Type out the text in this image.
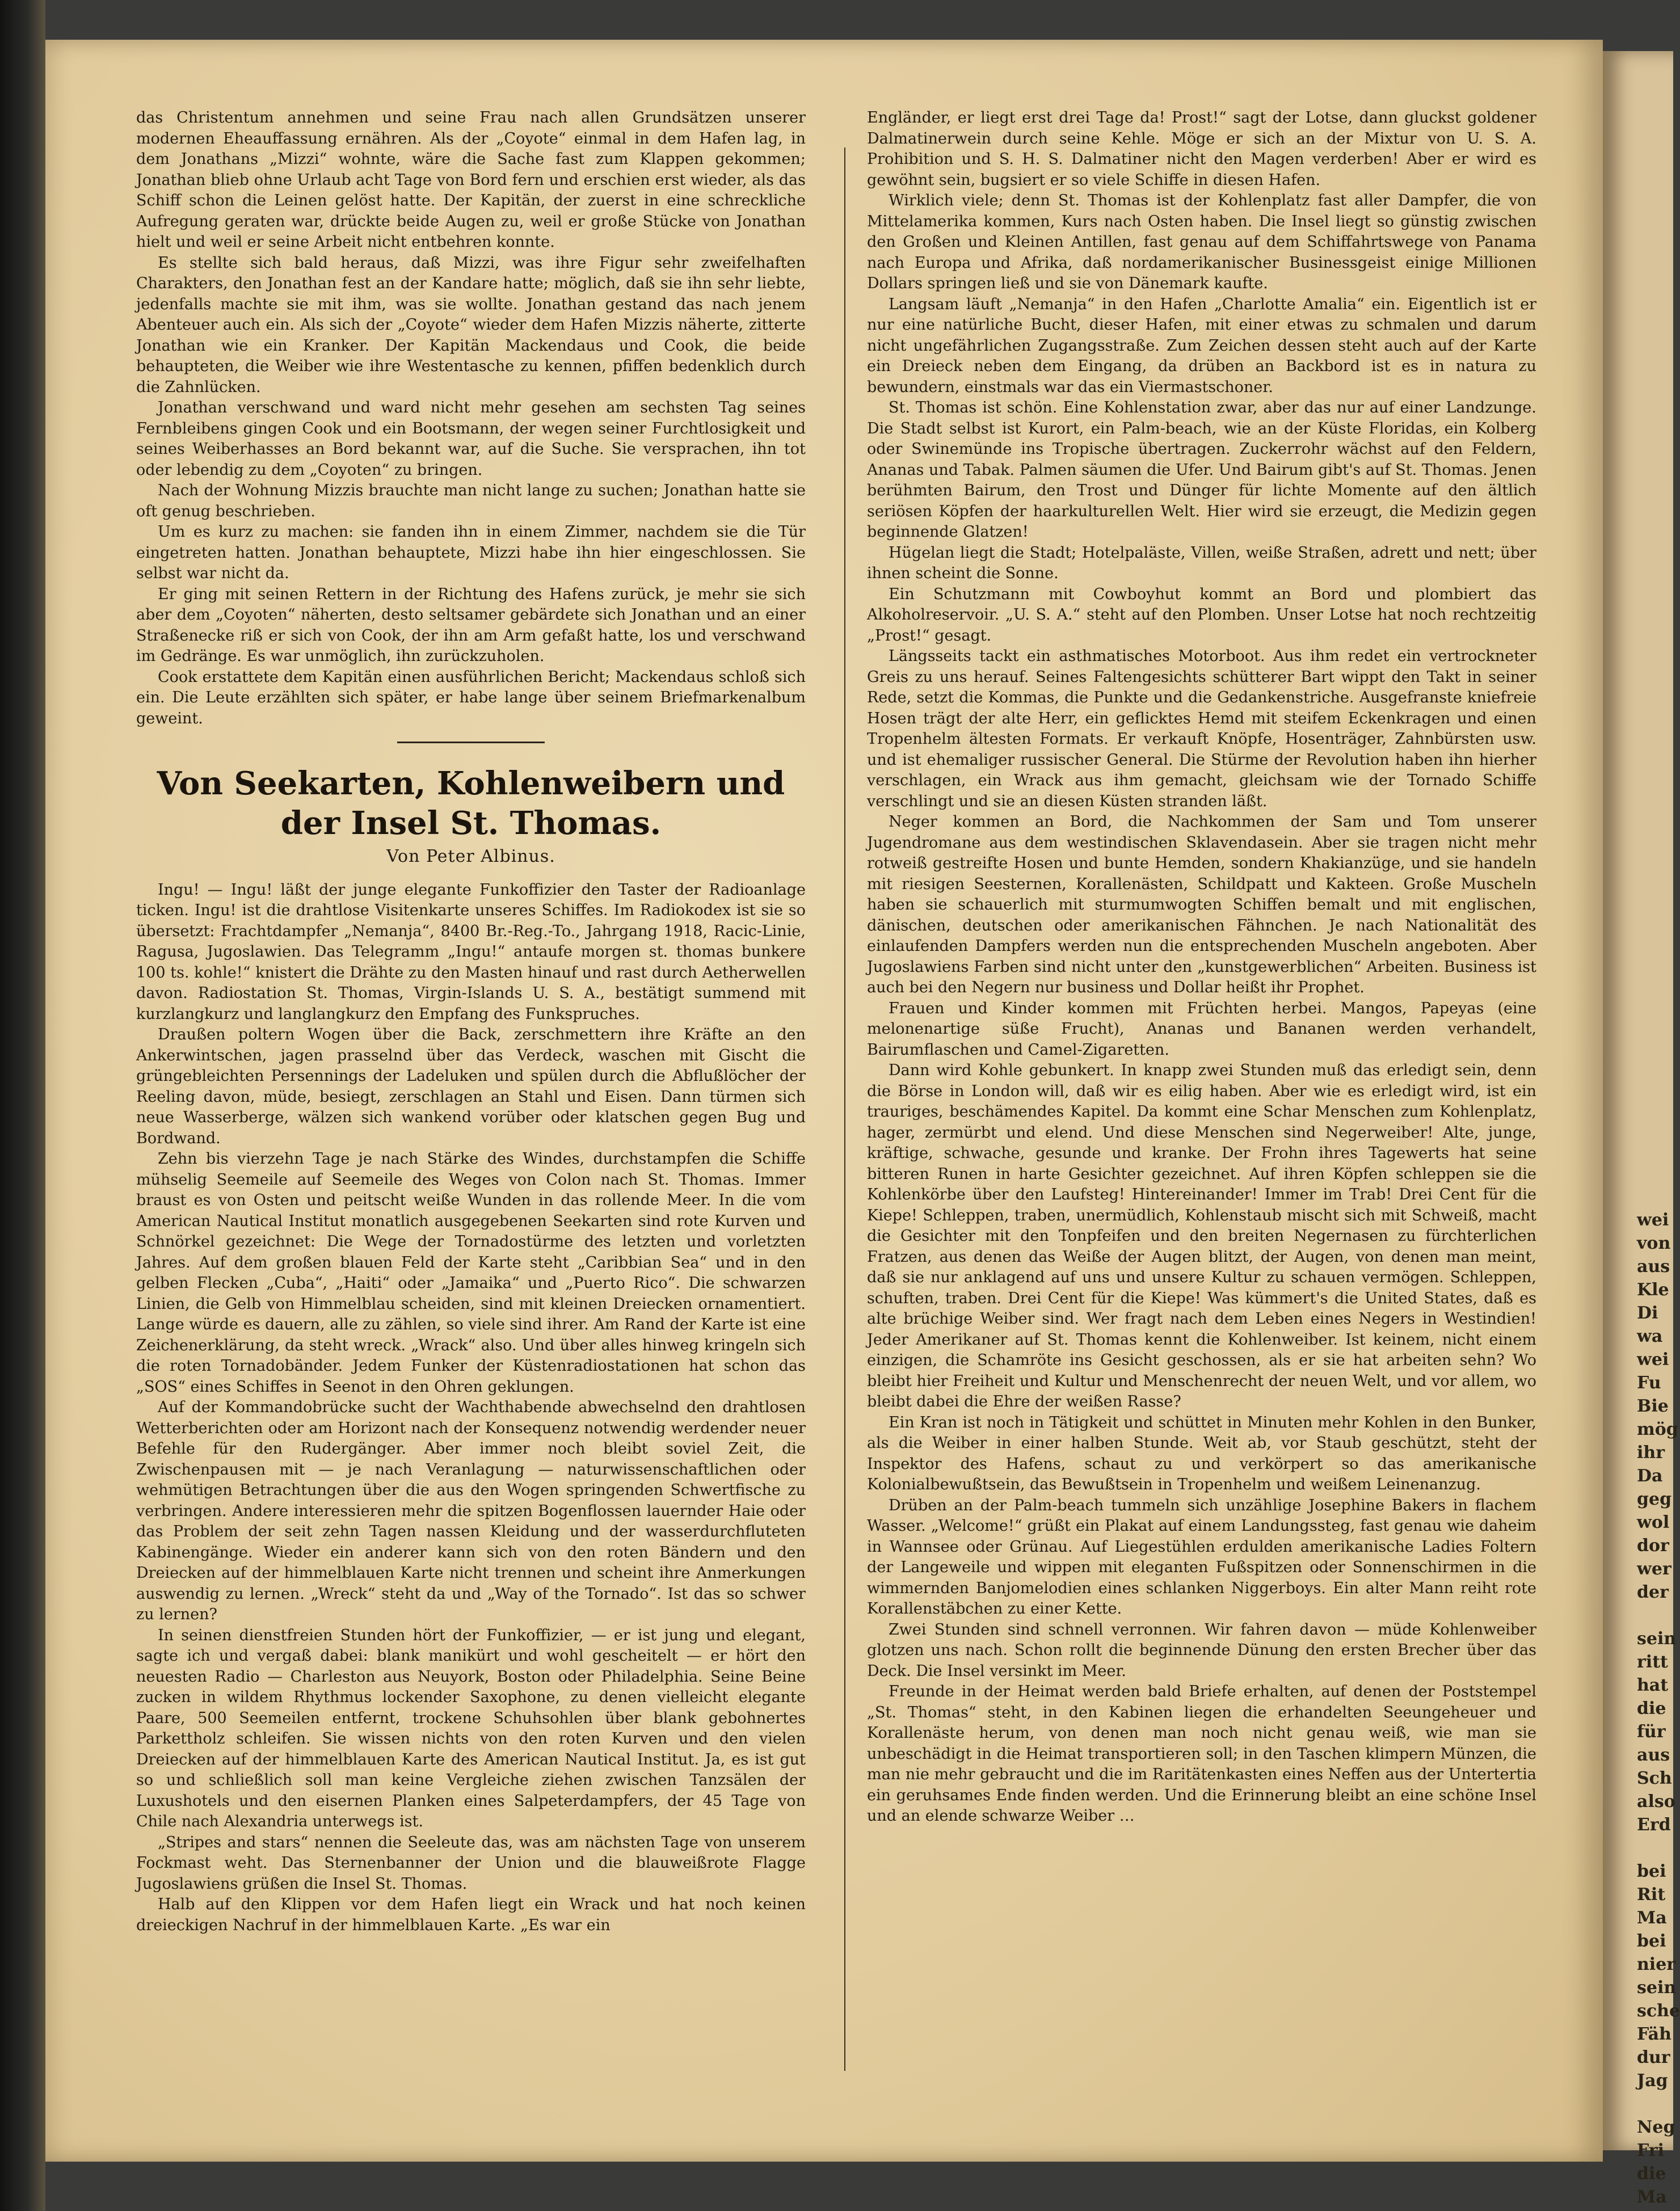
das Christentum annehmen und seine Frau nach allen Grundsätzen unserer modernen Eheauffassung ernähren. Als der „Coyote“ einmal in dem Hafen lag, in dem Jonathans „Mizzi“ wohnte, wäre die Sache fast zum Klappen gekommen; Jonathan blieb ohne Urlaub acht Tage von Bord fern und erschien erst wieder, als das Schiff schon die Leinen gelöst hatte. Der Kapitän, der zuerst in eine schreckliche Aufregung geraten war, drückte beide Augen zu, weil er große Stücke von Jonathan hielt und weil er seine Arbeit nicht entbehren konnte.

Es stellte sich bald heraus, daß Mizzi, was ihre Figur sehr zweifelhaften Charakters, den Jonathan fest an der Kandare hatte; möglich, daß sie ihn sehr liebte, jedenfalls machte sie mit ihm, was sie wollte. Jonathan gestand das nach jenem Abenteuer auch ein. Als sich der „Coyote“ wieder dem Hafen Mizzis näherte, zitterte Jonathan wie ein Kranker. Der Kapitän Mackendaus und Cook, die beide behaupteten, die Weiber wie ihre Westentasche zu kennen, pfiffen bedenklich durch die Zahnlücken.

Jonathan verschwand und ward nicht mehr gesehen am sechsten Tag seines Fernbleibens gingen Cook und ein Bootsmann, der wegen seiner Furchtlosigkeit und seines Weiberhasses an Bord bekannt war, auf die Suche. Sie versprachen, ihn tot oder lebendig zu dem „Coyoten“ zu bringen.

Nach der Wohnung Mizzis brauchte man nicht lange zu suchen; Jonathan hatte sie oft genug beschrieben.

Um es kurz zu machen: sie fanden ihn in einem Zimmer, nachdem sie die Tür eingetreten hatten. Jonathan behauptete, Mizzi habe ihn hier eingeschlossen. Sie selbst war nicht da.

Er ging mit seinen Rettern in der Richtung des Hafens zurück, je mehr sie sich aber dem „Coyoten“ näherten, desto seltsamer gebärdete sich Jonathan und an einer Straßenecke riß er sich von Cook, der ihn am Arm gefaßt hatte, los und verschwand im Gedränge. Es war unmöglich, ihn zurückzuholen.

Cook erstattete dem Kapitän einen ausführlichen Bericht; Mackendaus schloß sich ein. Die Leute erzählten sich später, er habe lange über seinem Briefmarkenalbum geweint.

Von Seekarten, Kohlenweibern und der Insel St. Thomas.
Von Peter Albinus.

Ingu! — Ingu! läßt der junge elegante Funkoffizier den Taster der Radioanlage ticken. Ingu! ist die drahtlose Visitenkarte unseres Schiffes. Im Radiokodex ist sie so übersetzt: Frachtdampfer „Nemanja“, 8400 Br.-Reg.-To., Jahrgang 1918, Racic-Linie, Ragusa, Jugoslawien. Das Telegramm „Ingu!“ antaufe morgen st. thomas bunkere 100 ts. kohle!“ knistert die Drähte zu den Masten hinauf und rast durch Aetherwellen davon. Radiostation St. Thomas, Virgin-Islands U. S. A., bestätigt summend mit kurzlangkurz und langlangkurz den Empfang des Funkspruches.

Draußen poltern Wogen über die Back, zerschmettern ihre Kräfte an den Ankerwintschen, jagen prasselnd über das Verdeck, waschen mit Gischt die grüngebleichten Persennings der Ladeluken und spülen durch die Abflußlöcher der Reeling davon, müde, besiegt, zerschlagen an Stahl und Eisen. Dann türmen sich neue Wasserberge, wälzen sich wankend vorüber oder klatschen gegen Bug und Bordwand.

Zehn bis vierzehn Tage je nach Stärke des Windes, durchstampfen die Schiffe mühselig Seemeile auf Seemeile des Weges von Colon nach St. Thomas. Immer braust es von Osten und peitscht weiße Wunden in das rollende Meer. In die vom American Nautical Institut monatlich ausgegebenen Seekarten sind rote Kurven und Schnörkel gezeichnet: Die Wege der Tornadostürme des letzten und vorletzten Jahres. Auf dem großen blauen Feld der Karte steht „Caribbian Sea“ und in den gelben Flecken „Cuba“, „Haiti“ oder „Jamaika“ und „Puerto Rico“. Die schwarzen Linien, die Gelb von Himmelblau scheiden, sind mit kleinen Dreiecken ornamentiert. Lange würde es dauern, alle zu zählen, so viele sind ihrer. Am Rand der Karte ist eine Zeichenerklärung, da steht wreck. „Wrack“ also. Und über alles hinweg kringeln sich die roten Tornadobänder. Jedem Funker der Küstenradiostationen hat schon das „SOS“ eines Schiffes in Seenot in den Ohren geklungen.

Auf der Kommandobrücke sucht der Wachthabende abwechselnd den drahtlosen Wetterberichten oder am Horizont nach der Konsequenz notwendig werdender neuer Befehle für den Rudergänger. Aber immer noch bleibt soviel Zeit, die Zwischenpausen mit — je nach Veranlagung — naturwissenschaftlichen oder wehmütigen Betrachtungen über die aus den Wogen springenden Schwertfische zu verbringen. Andere interessieren mehr die spitzen Bogenflossen lauernder Haie oder das Problem der seit zehn Tagen nassen Kleidung und der wasserdurchfluteten Kabinengänge. Wieder ein anderer kann sich von den roten Bändern und den Dreiecken auf der himmelblauen Karte nicht trennen und scheint ihre Anmerkungen auswendig zu lernen. „Wreck“ steht da und „Way of the Tornado“. Ist das so schwer zu lernen?

In seinen dienstfreien Stunden hört der Funkoffizier, — er ist jung und elegant, sagte ich und vergaß dabei: blank manikürt und wohl gescheitelt — er hört den neuesten Radio — Charleston aus Neuyork, Boston oder Philadelphia. Seine Beine zucken in wildem Rhythmus lockender Saxophone, zu denen vielleicht elegante Paare, 500 Seemeilen entfernt, trockene Schuhsohlen über blank gebohnertes Parkettholz schleifen. Sie wissen nichts von den roten Kurven und den vielen Dreiecken auf der himmelblauen Karte des American Nautical Institut. Ja, es ist gut so und schließlich soll man keine Vergleiche ziehen zwischen Tanzsälen der Luxushotels und den eisernen Planken eines Salpeterdampfers, der 45 Tage von Chile nach Alexandria unterwegs ist.

„Stripes and stars“ nennen die Seeleute das, was am nächsten Tage von unserem Fockmast weht. Das Sternenbanner der Union und die blauweißrote Flagge Jugoslawiens grüßen die Insel St. Thomas.

Halb auf den Klippen vor dem Hafen liegt ein Wrack und hat noch keinen dreieckigen Nachruf in der himmelblauen Karte. „Es war ein

Engländer, er liegt erst drei Tage da! Prost!“ sagt der Lotse, dann gluckst goldener Dalmatinerwein durch seine Kehle. Möge er sich an der Mixtur von U. S. A. Prohibition und S. H. S. Dalmatiner nicht den Magen verderben! Aber er wird es gewöhnt sein, bugsiert er so viele Schiffe in diesen Hafen.

Wirklich viele; denn St. Thomas ist der Kohlenplatz fast aller Dampfer, die von Mittelamerika kommen, Kurs nach Osten haben. Die Insel liegt so günstig zwischen den Großen und Kleinen Antillen, fast genau auf dem Schiffahrtswege von Panama nach Europa und Afrika, daß nordamerikanischer Businessgeist einige Millionen Dollars springen ließ und sie von Dänemark kaufte.

Langsam läuft „Nemanja“ in den Hafen „Charlotte Amalia“ ein. Eigentlich ist er nur eine natürliche Bucht, dieser Hafen, mit einer etwas zu schmalen und darum nicht ungefährlichen Zugangsstraße. Zum Zeichen dessen steht auch auf der Karte ein Dreieck neben dem Eingang, da drüben an Backbord ist es in natura zu bewundern, einstmals war das ein Viermastschoner.

St. Thomas ist schön. Eine Kohlenstation zwar, aber das nur auf einer Landzunge. Die Stadt selbst ist Kurort, ein Palm-beach, wie an der Küste Floridas, ein Kolberg oder Swinemünde ins Tropische übertragen. Zuckerrohr wächst auf den Feldern, Ananas und Tabak. Palmen säumen die Ufer. Und Bairum gibt's auf St. Thomas. Jenen berühmten Bairum, den Trost und Dünger für lichte Momente auf den ältlich seriösen Köpfen der haarkulturellen Welt. Hier wird sie erzeugt, die Medizin gegen beginnende Glatzen!

Hügelan liegt die Stadt; Hotelpaläste, Villen, weiße Straßen, adrett und nett; über ihnen scheint die Sonne.

Ein Schutzmann mit Cowboyhut kommt an Bord und plombiert das Alkoholreservoir. „U. S. A.“ steht auf den Plomben. Unser Lotse hat noch rechtzeitig „Prost!“ gesagt.

Längsseits tackt ein asthmatisches Motorboot. Aus ihm redet ein vertrockneter Greis zu uns herauf. Seines Faltengesichts schütterer Bart wippt den Takt in seiner Rede, setzt die Kommas, die Punkte und die Gedankenstriche. Ausgefranste kniefreie Hosen trägt der alte Herr, ein geflicktes Hemd mit steifem Eckenkragen und einen Tropenhelm ältesten Formats. Er verkauft Knöpfe, Hosenträger, Zahnbürsten usw. und ist ehemaliger russischer General. Die Stürme der Revolution haben ihn hierher verschlagen, ein Wrack aus ihm gemacht, gleichsam wie der Tornado Schiffe verschlingt und sie an diesen Küsten stranden läßt.

Neger kommen an Bord, die Nachkommen der Sam und Tom unserer Jugendromane aus dem westindischen Sklavendasein. Aber sie tragen nicht mehr rotweiß gestreifte Hosen und bunte Hemden, sondern Khakianzüge, und sie handeln mit riesigen Seesternen, Korallenästen, Schildpatt und Kakteen. Große Muscheln haben sie schauerlich mit sturmumwogten Schiffen bemalt und mit englischen, dänischen, deutschen oder amerikanischen Fähnchen. Je nach Nationalität des einlaufenden Dampfers werden nun die entsprechenden Muscheln angeboten. Aber Jugoslawiens Farben sind nicht unter den „kunstgewerblichen“ Arbeiten. Business ist auch bei den Negern nur business und Dollar heißt ihr Prophet.

Frauen und Kinder kommen mit Früchten herbei. Mangos, Papeyas (eine melonenartige süße Frucht), Ananas und Bananen werden verhandelt, Bairumflaschen und Camel-Zigaretten.

Dann wird Kohle gebunkert. In knapp zwei Stunden muß das erledigt sein, denn die Börse in London will, daß wir es eilig haben. Aber wie es erledigt wird, ist ein trauriges, beschämendes Kapitel. Da kommt eine Schar Menschen zum Kohlenplatz, hager, zermürbt und elend. Und diese Menschen sind Negerweiber! Alte, junge, kräftige, schwache, gesunde und kranke. Der Frohn ihres Tagewerts hat seine bitteren Runen in harte Gesichter gezeichnet. Auf ihren Köpfen schleppen sie die Kohlenkörbe über den Laufsteg! Hintereinander! Immer im Trab! Drei Cent für die Kiepe! Schleppen, traben, unermüdlich, Kohlenstaub mischt sich mit Schweiß, macht die Gesichter mit den Tonpfeifen und den breiten Negernasen zu fürchterlichen Fratzen, aus denen das Weiße der Augen blitzt, der Augen, von denen man meint, daß sie nur anklagend auf uns und unsere Kultur zu schauen vermögen. Schleppen, schuften, traben. Drei Cent für die Kiepe! Was kümmert's die United States, daß es alte brüchige Weiber sind. Wer fragt nach dem Leben eines Negers in Westindien! Jeder Amerikaner auf St. Thomas kennt die Kohlenweiber. Ist keinem, nicht einem einzigen, die Schamröte ins Gesicht geschossen, als er sie hat arbeiten sehn? Wo bleibt hier Freiheit und Kultur und Menschenrecht der neuen Welt, und vor allem, wo bleibt dabei die Ehre der weißen Rasse?

Ein Kran ist noch in Tätigkeit und schüttet in Minuten mehr Kohlen in den Bunker, als die Weiber in einer halben Stunde. Weit ab, vor Staub geschützt, steht der Inspektor des Hafens, schaut zu und verkörpert so das amerikanische Kolonialbewußtsein, das Bewußtsein in Tropenhelm und weißem Leinenanzug.

Drüben an der Palm-beach tummeln sich unzählige Josephine Bakers in flachem Wasser. „Welcome!“ grüßt ein Plakat auf einem Landungssteg, fast genau wie daheim in Wannsee oder Grünau. Auf Liegestühlen erdulden amerikanische Ladies Foltern der Langeweile und wippen mit eleganten Fußspitzen oder Sonnenschirmen in die wimmernden Banjomelodien eines schlanken Niggerboys. Ein alter Mann reiht rote Korallenstäbchen zu einer Kette.

Zwei Stunden sind schnell verronnen. Wir fahren davon — müde Kohlenweiber glotzen uns nach. Schon rollt die beginnende Dünung den ersten Brecher über das Deck. Die Insel versinkt im Meer.

Freunde in der Heimat werden bald Briefe erhalten, auf denen der Poststempel „St. Thomas“ steht, in den Kabinen liegen die erhandelten Seeungeheuer und Korallenäste herum, von denen man noch nicht genau weiß, wie man sie unbeschädigt in die Heimat transportieren soll; in den Taschen klimpern Münzen, die man nie mehr gebraucht und die im Raritätenkasten eines Neffen aus der Untertertia ein geruhsames Ende finden werden. Und die Erinnerung bleibt an eine schöne Insel und an elende schwarze Weiber …

wei
von
aus
Kle
Di
wa
wei
Fu
Bie
mög
ihr
Da
geg
wol
dor
wer
der

sein
ritt
hat
die
für
aus
Sch
also
Erd

bei
Rit
Ma
bei
nier
sein
sche
Fäh
dur
Jag

Neg
Fri
die
Ma
